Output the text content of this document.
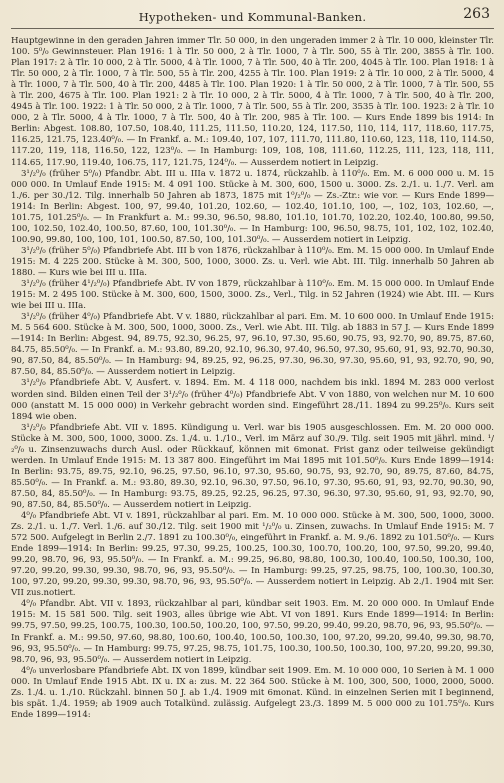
Hypotheken- und Kommunal-Banken.	263

Hauptgewinne in den geraden Jahren immer Tlr. 50 000, in den ungeraden immer 2 à Tlr. 10 000, kleinster Tlr. 100. 5⁰/₀ Gewinnsteuer. Plan 1916: 1 à Tlr. 50 000, 2 à Tlr. 1000, 7 à Tlr. 500, 55 à Tlr. 200, 3855 à Tlr. 100. Plan 1917: 2 à Tlr. 10 000, 2 à Tlr. 5000, 4 à Tlr. 1000, 7 à Tlr. 500, 40 à Tlr. 200, 4045 à Tlr. 100. Plan 1918: 1 à Tlr. 50 000, 2 à Tlr. 1000, 7 à Tlr. 500, 55 à Tlr. 200, 4255 à Tlr. 100. Plan 1919: 2 à Tlr. 10 000, 2 à Tlr. 5000, 4 à Tlr. 1000, 7 à Tlr. 500, 40 à Tlr. 200, 4485 à Tlr. 100. Plan 1920: 1 à Tlr. 50 000, 2 à Tlr. 1000, 7 à Tlr. 500, 55 à Tlr. 200, 4675 à Tlr. 100. Plan 1921: 2 à Tlr. 10 000, 2 à Tlr. 5000, 4 à Tlr. 1000, 7 à Tlr. 500, 40 à Tlr. 200, 4945 à Tlr. 100. 1922: 1 à Tlr. 50 000, 2 à Tlr. 1000, 7 à Tlr. 500, 55 à Tlr. 200, 3535 à Tlr. 100. 1923: 2 à Tlr. 10 000, 2 à Tlr. 5000, 4 à Tlr. 1000, 7 à Tlr. 500, 40 à Tlr. 200, 985 à Tlr. 100. — Kurs Ende 1899 bis 1914: In Berlin: Abgest. 108.80, 107.50, 108.40, 111.25, 111.50, 110.20, 124, 117.50, 110, 114, 117, 118.60, 117.75, 116.25, 121.75, 123.40⁰/₀. — In Frankf. a. M.: 109.40, 107, 107, 111.70, 111.80, 110.60, 123, 118, 110, 114.50, 117.20, 119, 118, 116.50, 122, 123⁰/₀. — In Hamburg: 109, 108, 108, 111.60, 112.25, 111, 123, 118, 111, 114.65, 117.90, 119.40, 106.75, 117, 121.75, 124⁰/₀. — Ausserdem notiert in Leipzig.

3¹/₂⁰/₀ (früher 5⁰/₀) Pfandbr. Abt. III u. IIIa v. 1872 u. 1874, rückzahlb. à 110⁰/₀. Em. M. 6 000 000 u. M. 15 000 000. In Umlauf Ende 1915: M. 4 091 100. Stücke à M. 300, 600, 1500 u. 3000. Zs. 2./1. u. 1./7. Verl. am 1./6. per 30./12. Tilg. innerhalb 50 Jahren ab 1873, 1875 mit 1⁰/₂⁰/₀ — Zs.-Ztr.: wie vor. — Kurs Ende 1899—1914: In Berlin: Abgest. 100, 97, 99.40, 101.20, 102.60, — 102.40, 101.10, 100, —, 102, 103, 102.60, —, 101.75, 101.25⁰/₀. — In Frankfurt a. M.: 99.30, 96.50, 98.80, 101.10, 101.70, 102.20, 102.40, 100.80, 99.50, 100, 102.50, 102.40, 100.50, 87.60, 100, 101.30⁰/₀. — In Hamburg: 100, 96.50, 98.75, 101, 102, 102, 102.40, 100.90, 99.80, 100, 100, 101, 100.50, 87.50, 100, 101.30⁰/₀. — Ausserdem notiert in Leipzig.

3¹/₂⁰/₀ (früher 5⁰/₀) Pfandbriefe Abt. III b von 1876, rückzahlbar à 110⁰/₀. Em. M. 15 000 000. In Umlauf Ende 1915: M. 4 225 200. Stücke à M. 300, 500, 1000, 3000. Zs. u. Verl. wie Abt. III. Tilg. innerhalb 50 Jahren ab 1880. — Kurs wie bei III u. IIIa.

3¹/₂⁰/₀ (früher 4¹/₂⁰/₀) Pfandbriefe Abt. IV von 1879, rückzahlbar à 110⁰/₀. Em. M. 15 000 000. In Umlauf Ende 1915: M. 2 495 100. Stücke à M. 300, 600, 1500, 3000. Zs., Verl., Tilg. in 52 Jahren (1924) wie Abt. III. — Kurs wie bei III u. IIIa.

3¹/₂⁰/₀ (früher 4⁰/₀) Pfandbriefe Abt. V v. 1880, rückzahlbar al pari. Em. M. 10 600 000. In Umlauf Ende 1915: M. 5 564 600. Stücke à M. 300, 500, 1000, 3000. Zs., Verl. wie Abt. III. Tilg. ab 1883 in 57 J. — Kurs Ende 1899—1914: In Berlin: Abgest. 94, 89.75, 92.30, 96.25, 97, 96.10, 97.30, 95.60, 90.75, 93, 92.70, 90, 89.75, 87.60, 84.75, 85.50⁰/₀. — In Frankf. a. M.: 93.80, 89.20, 92.10, 96.30, 97.40, 96.50, 97.30, 95.60, 91, 93, 92.70, 90.30, 90, 87.50, 84, 85.50⁰/₀. — In Hamburg: 94, 89.25, 92, 96.25, 97.30, 96.30, 97.30, 95.60, 91, 93, 92.70, 90, 90, 87.50, 84, 85.50⁰/₀. — Ausserdem notiert in Leipzig.

3¹/₂⁰/₀ Pfandbriefe Abt. V, Ausfert. v. 1894. Em. M. 4 118 000, nachdem bis inkl. 1894 M. 283 000 verlost worden sind. Bilden einen Teil der 3¹/₂⁰/₀ (früher 4⁰/₀) Pfandbriefe Abt. V von 1880, von welchen nur M. 10 600 000 (anstatt M. 15 000 000) in Verkehr gebracht worden sind. Eingeführt 28./11. 1894 zu 99.25⁰/₀. Kurs seit 1894 wie oben.

3¹/₂⁰/₀ Pfandbriefe Abt. VII v. 1895. Kündigung u. Verl. war bis 1905 ausgeschlossen. Em. M. 20 000 000. Stücke à M. 300, 500, 1000, 3000. Zs. 1./4. u. 1./10., Verl. im März auf 30./9. Tilg. seit 1905 mit jährl. mind. ¹/₂⁰/₀ u. Zinsenzuwachs durch Ausl. oder Rückkauf, können mit 6monat. Frist ganz oder teilweise gekündigt werden. In Umlauf Ende 1915: M. 13 387 800. Eingeführt im Mai 1895 mit 101.50⁰/₀. Kurs Ende 1899—1914: In Berlin: 93.75, 89.75, 92.10, 96.25, 97.50, 96.10, 97.30, 95.60, 90.75, 93, 92.70, 90, 89.75, 87.60, 84.75, 85.50⁰/₀. — In Frankf. a. M.: 93.80, 89.30, 92.10, 96.30, 97.50, 96.10, 97.30, 95.60, 91, 93, 92.70, 90.30, 90, 87.50, 84, 85.50⁰/₀. — In Hamburg: 93.75, 89.25, 92.25, 96.25, 97.30, 96.30, 97.30, 95.60, 91, 93, 92.70, 90, 90, 87.50, 84, 85.50⁰/₀. — Ausserdem notiert in Leipzig.

4⁰/₀ Pfandbriefe Abt. VI v. 1891, rückzahlbar al pari. Em. M. 10 000 000. Stücke à M. 300, 500, 1000, 3000. Zs. 2./1. u. 1./7. Verl. 1./6. auf 30./12. Tilg. seit 1900 mit ¹/₂⁰/₀ u. Zinsen, zuwachs. In Umlauf Ende 1915: M. 7 572 500. Aufgelegt in Berlin 2./7. 1891 zu 100.30⁰/₀, eingeführt in Frankf. a. M. 9./6. 1892 zu 101.50⁰/₀. — Kurs Ende 1899—1914: In Berlin: 99.25, 97.30, 99.25, 100.25, 100.30, 100.70, 100.20, 100, 97.50, 99.20, 99.40, 99.20, 98.70, 96, 93, 95.50⁰/₀. — In Frankf. a. M.: 99.25, 96.80, 98.80, 100.30, 100.40, 100.50, 100.30, 100, 97.20, 99.20, 99.30, 99.30, 98.70, 96, 93, 95.50⁰/₀. — In Hamburg: 99.25, 97.25, 98.75, 100, 100.30, 100.30, 100, 97.20, 99.20, 99.30, 99.30, 98.70, 96, 93, 95.50⁰/₀. — Ausserdem notiert in Leipzig. Ab 2./1. 1904 mit Ser. VII zus.notiert.

4⁰/₀ Pfandbr. Abt. VII v. 1893, rückzahlbar al pari, kündbar seit 1903. Em. M. 20 000 000. In Umlauf Ende 1915: M. 15 581 500. Tilg. seit 1903, alles übrige wie Abt. VI von 1891. Kurs Ende 1899—1914: In Berlin: 99.75, 97.50, 99.25, 100.75, 100.30, 100.50, 100.20, 100, 97.50, 99.20, 99.40, 99.20, 98.70, 96, 93, 95.50⁰/₀. — In Frankf. a. M.: 99.50, 97.60, 98.80, 100.60, 100.40, 100.50, 100.30, 100, 97.20, 99.20, 99.40, 99.30, 98.70, 96, 93, 95.50⁰/₀. — In Hamburg: 99.75, 97.25, 98.75, 101.75, 100.30, 100.50, 100.30, 100, 97.20, 99.20, 99.30, 98.70, 96, 93, 95.50⁰/₀. — Ausserdem notiert in Leipzig.

4⁰/₀ unverlosbare Pfandbriefe Abt. IX von 1899, kündbar seit 1909. Em. M. 10 000 000, 10 Serien à M. 1 000 000. In Umlauf Ende 1915 Abt. IX u. IX a: zus. M. 22 364 500. Stücke à M. 100, 300, 500, 1000, 2000, 5000. Zs. 1./4. u. 1./10. Rückzahl. binnen 50 J. ab 1./4. 1909 mit 6monat. Künd. in einzelnen Serien mit I beginnend, bis spät. 1./4. 1959; ab 1909 auch Totalkünd. zulässig. Aufgelegt 23./3. 1899 M. 5 000 000 zu 101.75⁰/₀. Kurs Ende 1899—1914:
